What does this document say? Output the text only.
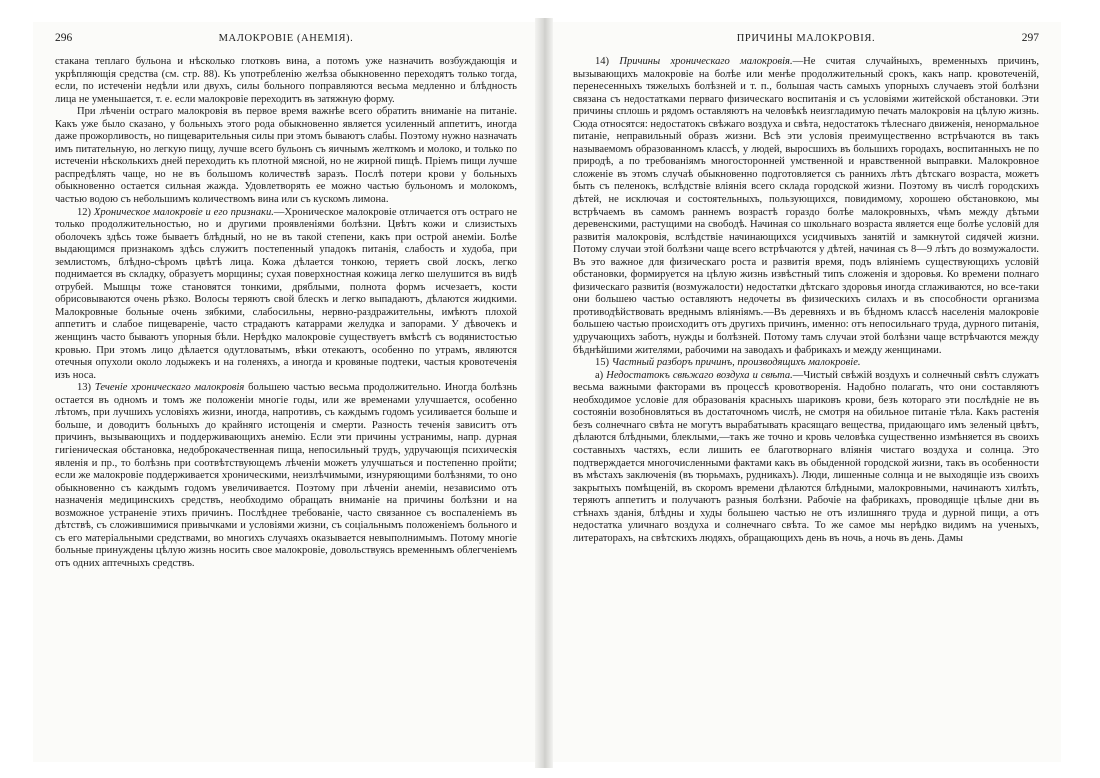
296	МАЛОКРОВІЕ (АНЕМІЯ).

стакана теплаго бульона и нѣсколько глотковъ вина, а потомъ уже назначить возбуждающія и укрѣпляющія средства (см. стр. 88). Къ употребленію желѣза обыкновенно переходятъ только тогда, если, по истеченіи недѣли или двухъ, силы больного поправляются весьма медленно и блѣдность лица не уменьшается, т. е. если малокровіе переходитъ въ затяжную форму.

При лѣченіи остраго малокровія въ первое время важнѣе всего обратить вниманіе на питаніе. Какъ уже было сказано, у больныхъ этого рода обыкновенно является усиленный аппетитъ, иногда даже прожорливость, но пищеварительныя силы при этомъ бываютъ слабы. Поэтому нужно назначать имъ питательную, но легкую пищу, лучше всего бульонъ съ яичнымъ желткомъ и молоко, и только по истеченіи нѣсколькихъ дней переходить къ плотной мясной, но не жирной пищѣ. Пріемъ пищи лучше распредѣлять чаще, но не въ большомъ количествѣ заразъ. Послѣ потери крови у больныхъ обыкновенно остается сильная жажда. Удовлетворять ее можно частью бульономъ и молокомъ, частью водою съ небольшимъ количествомъ вина или съ кускомъ лимона.

12) Хроническое малокровіе и его признаки.—Хроническое малокровіе отличается отъ остраго не только продолжительностью, но и другими проявленіями болѣзни. Цвѣтъ кожи и слизистыхъ оболочекъ здѣсь тоже бываетъ блѣдный, но не въ такой степени, какъ при острой анеміи. Болѣе выдающимся признакомъ здѣсь служитъ постепенный упадокъ питанія, слабость и худоба, при землистомъ, блѣдно-сѣромъ цвѣтѣ лица. Кожа дѣлается тонкою, теряетъ свой лоскъ, легко поднимается въ складку, образуетъ морщины; сухая поверхностная кожица легко шелушится въ видѣ отрубей. Мышцы тоже становятся тонкими, дряблыми, полнота формъ исчезаетъ, кости обрисовываются очень рѣзко. Волосы теряютъ свой блескъ и легко выпадаютъ, дѣлаются жидкими. Малокровные больные очень зябкими, слабосильны, нервно-раздражительны, имѣютъ плохой аппетитъ и слабое пищевареніе, часто страдаютъ катаррами желудка и запорами. У дѣвочекъ и женщинъ часто бываютъ упорныя бѣли. Нерѣдко малокровіе существуетъ вмѣстѣ съ водянистостью кровью. При этомъ лицо дѣлается одутловатымъ, вѣки отекаютъ, особенно по утрамъ, являются отечныя опухоли около лодыжекъ и на голеняхъ, а иногда и кровяные подтеки, частыя кровотеченія изъ носа.

13) Теченіе хроническаго малокровія большею частью весьма продолжительно. Иногда болѣзнь остается въ одномъ и томъ же положеніи многіе годы, или же временами улучшается, особенно лѣтомъ, при лучшихъ условіяхъ жизни, иногда, напротивъ, съ каждымъ годомъ усиливается больше и больше, и доводитъ больныхъ до крайняго истощенія и смерти. Разность теченія зависитъ отъ причинъ, вызывающихъ и поддерживающихъ анемію. Если эти причины устранимы, напр. дурная гигіеническая обстановка, недоброкачественная пища, непосильный трудъ, удручающія психическія явленія и пр., то болѣзнь при соотвѣтствующемъ лѣченіи можетъ улучшаться и постепенно пройти; если же малокровіе поддерживается хроническими, неизлѣчимыми, изнуряющими болѣзнями, то оно обыкновенно съ каждымъ годомъ увеличивается. Поэтому при лѣченіи анеміи, независимо отъ назначенія медицинскихъ средствъ, необходимо обращать вниманіе на причины болѣзни и на возможное устраненіе этихъ причинъ. Послѣднее требованіе, часто связанное съ воспаленіемъ въ дѣтствѣ, съ сложившимися привычками и условіями жизни, съ соціальнымъ положеніемъ больного и съ его матеріальными средствами, во многихъ случаяхъ оказывается невыполнимымъ. Потому многіе больные принуждены цѣлую жизнь носить свое малокровіе, довольствуясь временнымъ облегченіемъ отъ одних аптечныхъ средствъ.

ПРИЧИНЫ МАЛОКРОВІЯ.	297

14) Причины хроническаго малокровія.—Не считая случайныхъ, временныхъ причинъ, вызывающихъ малокровіе на болѣе или менѣе продолжительный срокъ, какъ напр. кровотеченій, перенесенныхъ тяжелыхъ болѣзней и т. п., большая часть самыхъ упорныхъ случаевъ этой болѣзни связана съ недостатками перваго физическаго воспитанія и съ условіями житейской обстановки. Эти причины сплошь и рядомъ оставляютъ на человѣкѣ неизгладимую печать малокровія на цѣлую жизнь. Сюда относятся: недостатокъ свѣжаго воздуха и свѣта, недостатокъ тѣлеснаго движенія, ненормальное питаніе, неправильный образъ жизни. Всѣ эти условія преимущественно встрѣчаются въ такъ называемомъ образованномъ классѣ, у людей, выросшихъ въ большихъ городахъ, воспитанныхъ не по природѣ, а по требованіямъ многосторонней умственной и нравственной выправки. Малокровное сложеніе въ этомъ случаѣ обыкновенно подготовляется съ раннихъ лѣтъ дѣтскаго возраста, можетъ быть съ пеленокъ, вслѣдствіе вліянія всего склада городской жизни. Поэтому въ числѣ городскихъ дѣтей, не исключая и состоятельныхъ, пользующихся, повидимому, хорошею обстановкою, мы встрѣчаемъ въ самомъ раннемъ возрастѣ гораздо болѣе малокровныхъ, чѣмъ между дѣтьми деревенскими, растущими на свободѣ. Начиная со школьнаго возраста является еще болѣе условій для развитія малокровія, вслѣдствіе начинающихся усидчивыхъ занятій и замкнутой сидячей жизни. Потому случаи этой болѣзни чаще всего встрѣчаются у дѣтей, начиная съ 8—9 лѣтъ до возмужалости. Въ это важное для физическаго роста и развитія время, подъ вліяніемъ существующихъ условій обстановки, формируется на цѣлую жизнь извѣстный типъ сложенія и здоровья. Ко времени полнаго физическаго развитія (возмужалости) недостатки дѣтскаго здоровья иногда сглаживаются, но все-таки они большею частью оставляютъ недочеты въ физическихъ силахъ и въ способности организма противодѣйствовать вреднымъ вліяніямъ.—Въ деревняхъ и въ бѣдномъ классѣ населенія малокровіе большею частью происходитъ отъ другихъ причинъ, именно: отъ непосильнаго труда, дурного питанія, удручающихъ заботъ, нужды и болѣзней. Потому тамъ случаи этой болѣзни чаще встрѣчаются между бѣднѣйшими жителями, рабочими на заводахъ и фабрикахъ и между женщинами.

15) Частный разборъ причинъ, производящихъ малокровіе.

а) Недостатокъ свѣжаго воздуха и свѣта.—Чистый свѣжій воздухъ и солнечный свѣтъ служатъ весьма важными факторами въ процессѣ кровотворенія. Надобно полагать, что они составляютъ необходимое условіе для образованія красныхъ шариковъ крови, безъ котораго эти послѣдніе не въ состояніи возобновляться въ достаточномъ числѣ, не смотря на обильное питаніе тѣла. Какъ растенія безъ солнечнаго свѣта не могутъ вырабатывать красящаго вещества, придающаго имъ зеленый цвѣтъ, дѣлаются блѣдными, блеклыми,—такъ же точно и кровь человѣка существенно измѣняется въ своихъ составныхъ частяхъ, если лишить ее благотворнаго вліянія чистаго воздуха и солнца. Это подтверждается многочисленными фактами какъ въ обыденной городской жизни, такъ въ особенности въ мѣстахъ заключенія (въ тюрьмахъ, рудникахъ). Люди, лишенные солнца и не выходящіе изъ своихъ закрытыхъ помѣщеній, въ скоромъ времени дѣлаются блѣдными, малокровными, начинаютъ хилѣть, теряютъ аппетитъ и получаютъ разныя болѣзни. Рабочіе на фабрикахъ, проводящіе цѣлые дни въ стѣнахъ зданія, блѣдны и худы большею частью не отъ излишняго труда и дурной пищи, а отъ недостатка уличнаго воздуха и солнечнаго свѣта. То же самое мы нерѣдко видимъ на ученыхъ, литераторахъ, на свѣтскихъ людяхъ, обращающихъ день въ ночь, а ночь въ день. Дамы
